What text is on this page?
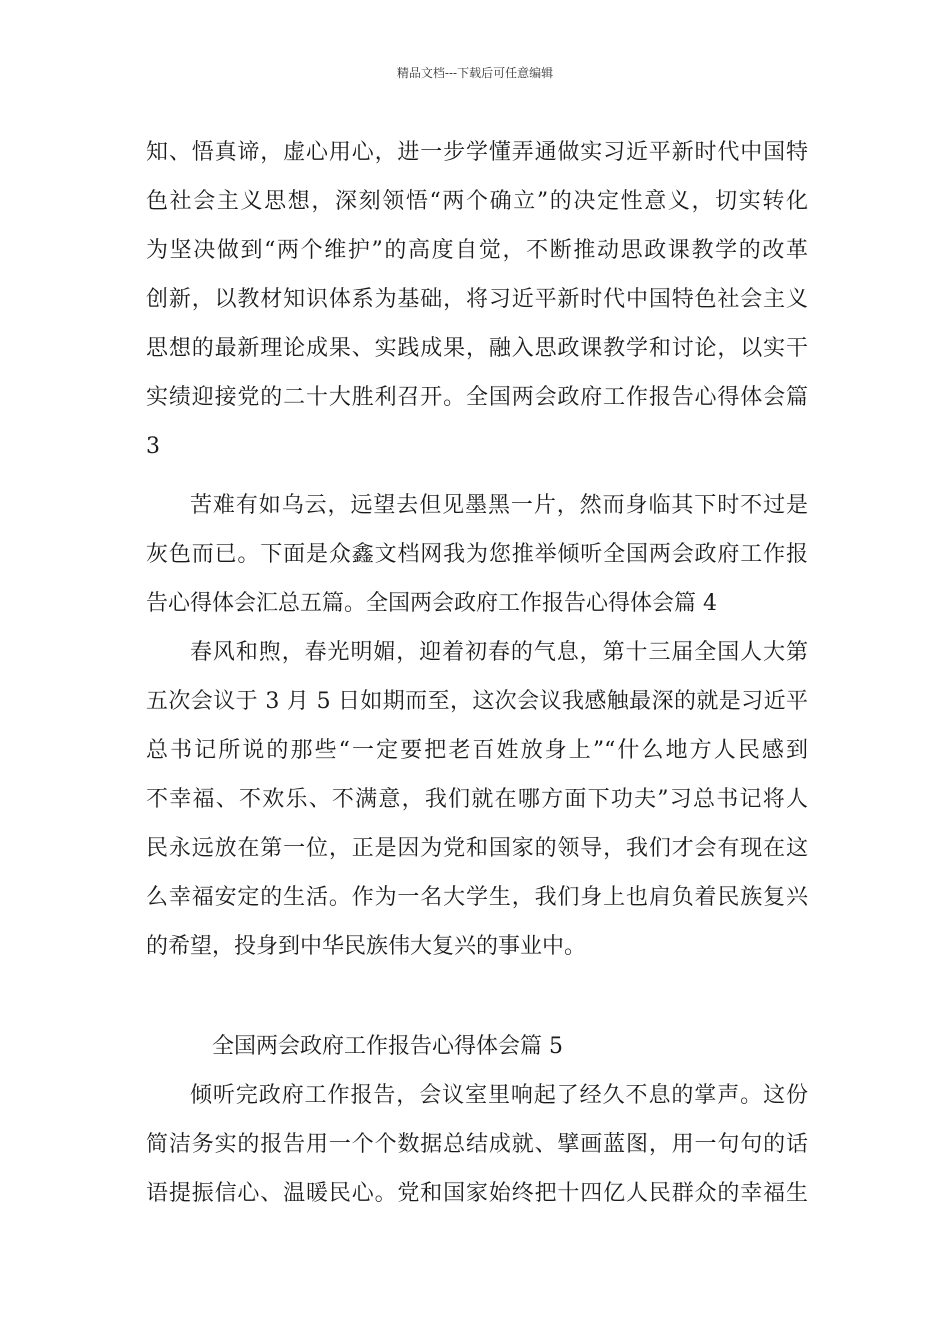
精品文档---下载后可任意编辑
知、悟真谛，虚心用心，进一步学懂弄通做实习近平新时代中国特
色社会主义思想，深刻领悟“两个确立”的决定性意义，切实转化
为坚决做到“两个维护”的高度自觉，不断推动思政课教学的改革
创新，以教材知识体系为基础，将习近平新时代中国特色社会主义
思想的最新理论成果、实践成果，融入思政课教学和讨论，以实干
实绩迎接党的二十大胜利召开。全国两会政府工作报告心得体会篇
3
苦难有如乌云，远望去但见墨黑一片，然而身临其下时不过是
灰色而已。下面是众鑫文档网我为您推举倾听全国两会政府工作报
告心得体会汇总五篇。全国两会政府工作报告心得体会篇 4
春风和煦，春光明媚，迎着初春的气息，第十三届全国人大第
五次会议于 3 月 5 日如期而至，这次会议我感触最深的就是习近平
总书记所说的那些“一定要把老百姓放身上”“什么地方人民感到
不幸福、不欢乐、不满意，我们就在哪方面下功夫”习总书记将人
民永远放在第一位，正是因为党和国家的领导，我们才会有现在这
么幸福安定的生活。作为一名大学生，我们身上也肩负着民族复兴
的希望，投身到中华民族伟大复兴的事业中。
全国两会政府工作报告心得体会篇 5
倾听完政府工作报告，会议室里响起了经久不息的掌声。这份
简洁务实的报告用一个个数据总结成就、擘画蓝图，用一句句的话
语提振信心、温暖民心。党和国家始终把十四亿人民群众的幸福生
